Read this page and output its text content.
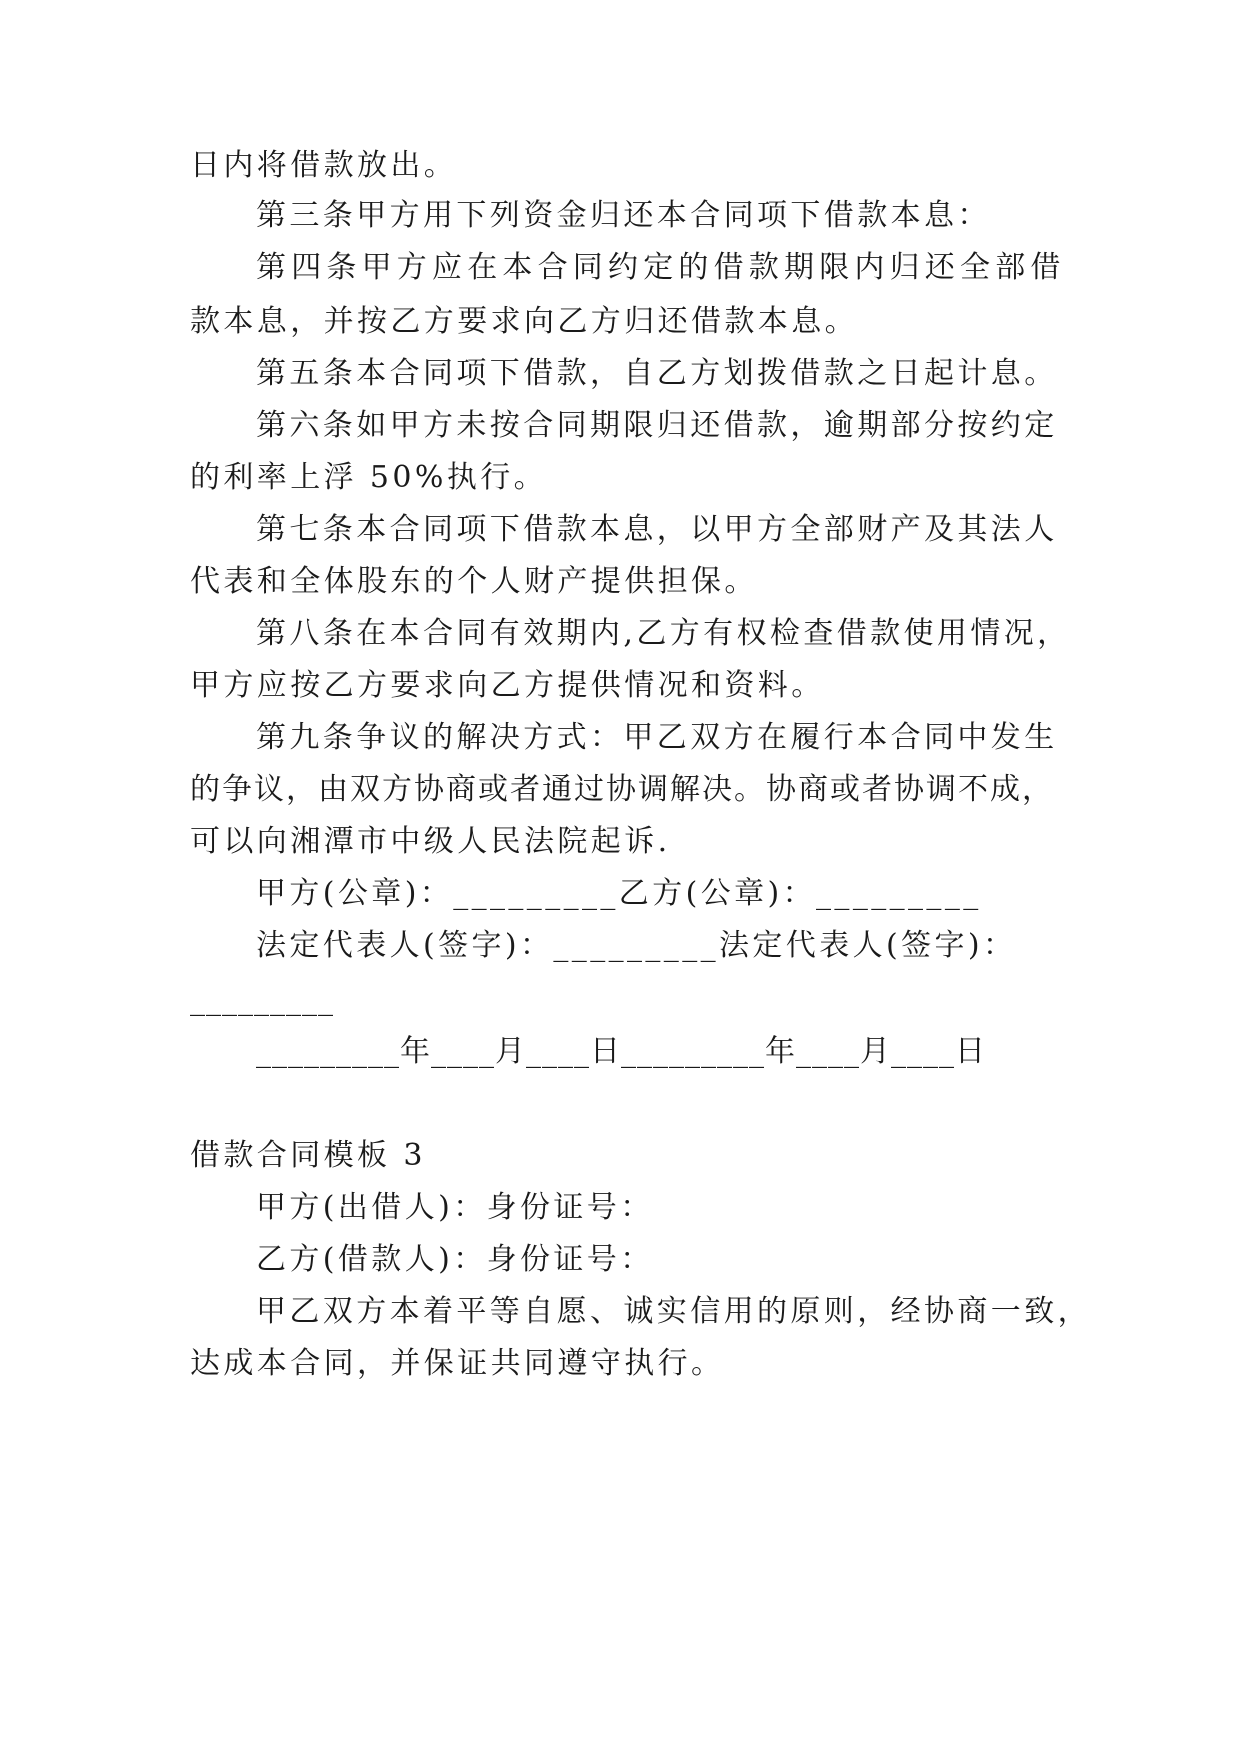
日内将借款放出。
第三条甲方用下列资金归还本合同项下借款本息：
第四条甲方应在本合同约定的借款期限内归还全部借
款本息，并按乙方要求向乙方归还借款本息。
第五条本合同项下借款，自乙方划拨借款之日起计息。
第六条如甲方未按合同期限归还借款，逾期部分按约定
的利率上浮 50%执行。
第七条本合同项下借款本息，以甲方全部财产及其法人
代表和全体股东的个人财产提供担保。
第八条在本合同有效期内,乙方有权检查借款使用情况，
甲方应按乙方要求向乙方提供情况和资料。
第九条争议的解决方式：甲乙双方在履行本合同中发生
的争议，由双方协商或者通过协调解决。协商或者协调不成，
可以向湘潭市中级人民法院起诉.
甲方(公章)：_________乙方(公章)：_________
法定代表人(签字)：_________法定代表人(签字)：
_________
_________年____月____日_________年____月____日
借款合同模板 3
甲方(出借人)：身份证号：
乙方(借款人)：身份证号：
甲乙双方本着平等自愿、诚实信用的原则，经协商一致，
达成本合同，并保证共同遵守执行。
